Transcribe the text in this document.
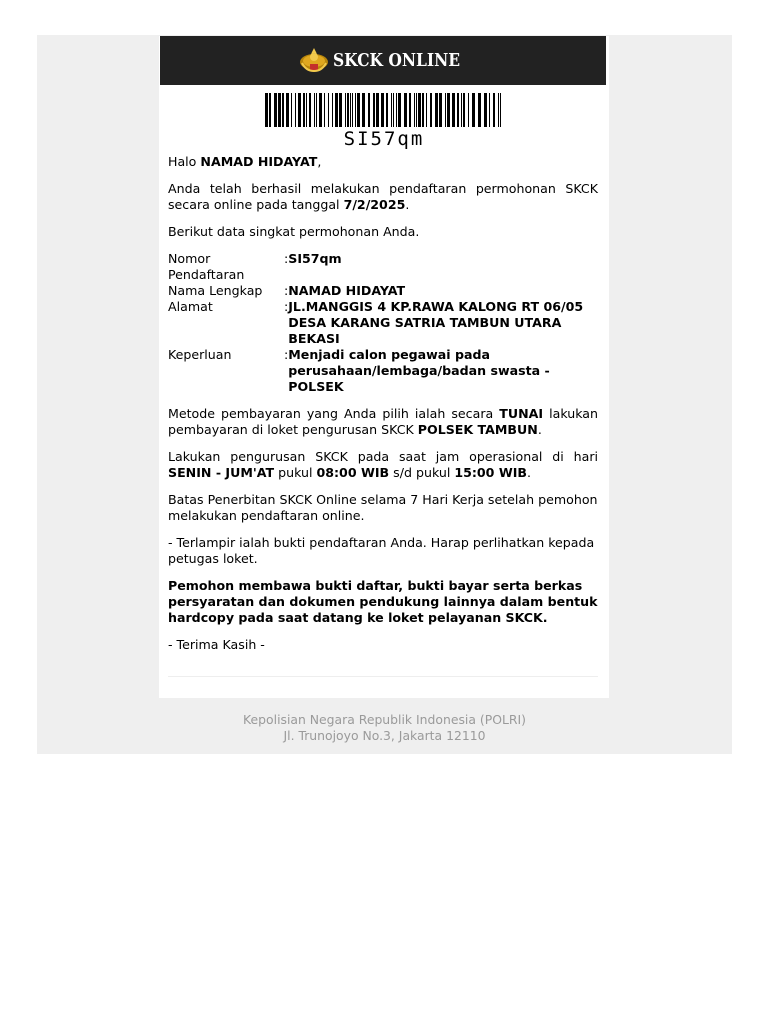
SKCK ONLINE
SI57qm

Halo NAMAD HIDAYAT,

Anda telah berhasil melakukan pendaftaran permohonan SKCK secara online pada tanggal 7/2/2025.

Berikut data singkat permohonan Anda.

Nomor Pendaftaran	:	SI57qm
Nama Lengkap	:	NAMAD HIDAYAT
Alamat	:	JL.MANGGIS 4 KP.RAWA KALONG RT 06/05 DESA KARANG SATRIA TAMBUN UTARA BEKASI
Keperluan	:	Menjadi calon pegawai pada perusahaan/lembaga/badan swasta - POLSEK

Metode pembayaran yang Anda pilih ialah secara TUNAI lakukan pembayaran di loket pengurusan SKCK POLSEK TAMBUN.

Lakukan pengurusan SKCK pada saat jam operasional di hari SENIN - JUM'AT pukul 08:00 WIB s/d pukul 15:00 WIB.

Batas Penerbitan SKCK Online selama 7 Hari Kerja setelah pemohon melakukan pendaftaran online.

- Terlampir ialah bukti pendaftaran Anda. Harap perlihatkan kepada petugas loket.

Pemohon membawa bukti daftar, bukti bayar serta berkas persyaratan dan dokumen pendukung lainnya dalam bentuk hardcopy pada saat datang ke loket pelayanan SKCK.

- Terima Kasih -

Kepolisian Negara Republik Indonesia (POLRI)
Jl. Trunojoyo No.3, Jakarta 12110
